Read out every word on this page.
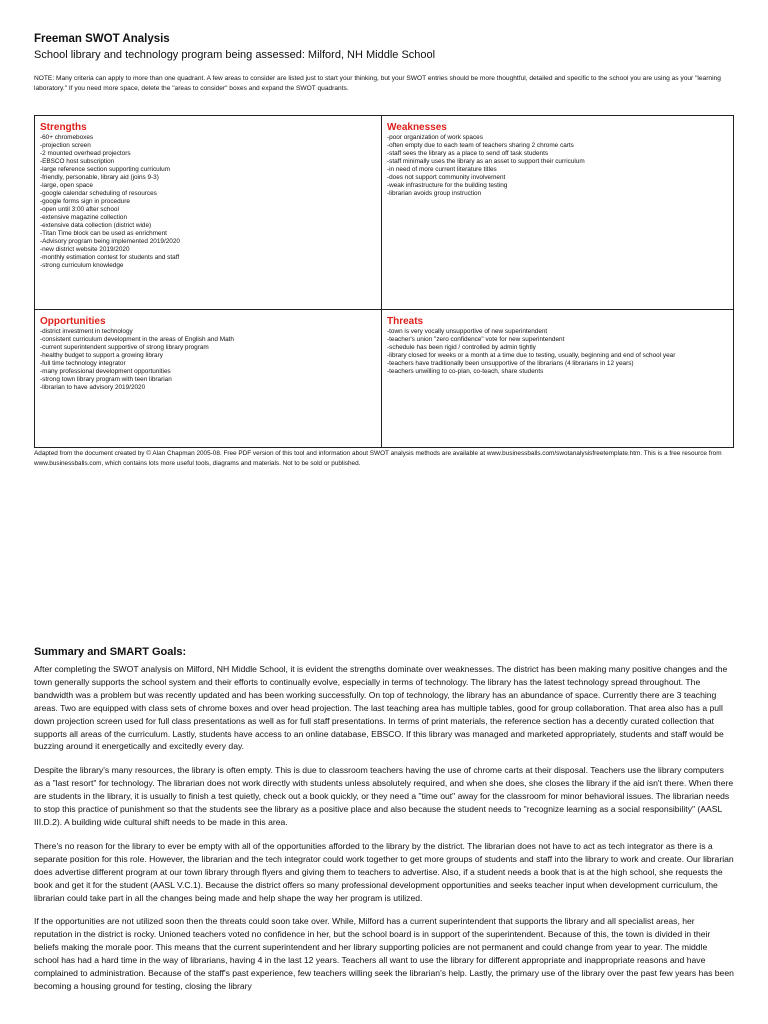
Freeman SWOT Analysis

School library and technology program being assessed: Milford, NH Middle School

NOTE: Many criteria can apply to more than one quadrant. A few areas to consider are listed just to start your thinking, but your SWOT entries should be more thoughtful, detailed and specific to the school you are using as your "learning laboratory." If you need more space, delete the "areas to consider" boxes and expand the SWOT quadrants.

Strengths
-60+ chromeboxes
-projection screen
-2 mounted overhead projectors
-EBSCO host subscription
-large reference section supporting curriculum
-friendly, personable, library aid (joins 9-3)
-large, open space
-google calendar scheduling of resources
-google forms sign in procedure
-open until 3:00 after school
-extensive magazine collection
-extensive data collection (district wide)
-Titan Time block can be used as enrichment
-Advisory program being implemented 2019/2020
-new district website 2019/2020
-monthly estimation contest for students and staff
-strong curriculum knowledge
Weaknesses
-poor organization of work spaces
-often empty due to each team of teachers sharing 2 chrome carts
-staff sees the library as a place to send off task students
-staff minimally uses the library as an asset to support their curriculum
-in need of more current literature titles
-does not support community involvement
-weak infrastructure for the building testing
-librarian avoids group instruction
Opportunities
-district investment in technology
-consistent curriculum development in the areas of English and Math
-current superintendent supportive of strong library program
-healthy budget to support a growing library
-full time technology integrator
-many professional development opportunities
-strong town library program with teen librarian
-librarian to have advisory 2019/2020
Threats
-town is very vocally unsupportive of new superintendent
-teacher's union "zero confidence" vote for new superintendent
-schedule has been rigid / controlled by admin tightly
-library closed for weeks or a month at a time due to testing, usually, beginning and end of school year
-teachers have traditionally been unsupportive of the librarians (4 librarians in 12 years)
-teachers unwilling to co-plan, co-teach, share students
Adapted from the document created by © Alan Chapman 2005-08. Free PDF version of this tool and information about SWOT analysis methods are available at www.businessballs.com/swotanalysisfreetemplate.htm. This is a free resource from www.businessballs.com, which contains lots more useful tools, diagrams and materials. Not to be sold or published.
Summary and SMART Goals:

After completing the SWOT analysis on Milford, NH Middle School, it is evident the strengths dominate over weaknesses. The district has been making many positive changes and the town generally supports the school system and their efforts to continually evolve, especially in terms of technology. The library has the latest technology spread throughout. The bandwidth was a problem but was recently updated and has been working successfully. On top of technology, the library has an abundance of space. Currently there are 3 teaching areas. Two are equipped with class sets of chrome boxes and over head projection. The last teaching area has multiple tables, good for group collaboration. That area also has a pull down projection screen used for full class presentations as well as for full staff presentations. In terms of print materials, the reference section has a decently curated collection that supports all areas of the curriculum. Lastly, students have access to an online database, EBSCO. If this library was managed and marketed appropriately, students and staff would be buzzing around it energetically and excitedly every day.

Despite the library's many resources, the library is often empty. This is due to classroom teachers having the use of chrome carts at their disposal. Teachers use the library computers as a "last resort" for technology. The librarian does not work directly with students unless absolutely required, and when she does, she closes the library if the aid isn't there. When there are students in the library, it is usually to finish a test quietly, check out a book quickly, or they need a "time out" away for the classroom for minor behavioral issues. The librarian needs to stop this practice of punishment so that the students see the library as a positive place and also because the student needs to "recognize learning as a social responsibility" (AASL III.D.2). A building wide cultural shift needs to be made in this area.

There's no reason for the library to ever be empty with all of the opportunities afforded to the library by the district. The librarian does not have to act as tech integrator as there is a separate position for this role. However, the librarian and the tech integrator could work together to get more groups of students and staff into the library to work and create. Our librarian does advertise different program at our town library through flyers and giving them to teachers to advertise. Also, if a student needs a book that is at the high school, she requests the book and get it for the student (AASL V.C.1). Because the district offers so many professional development opportunities and seeks teacher input when development curriculum, the librarian could take part in all the changes being made and help shape the way her program is utilized.

If the opportunities are not utilized soon then the threats could soon take over. While, Milford has a current superintendent that supports the library and all specialist areas, her reputation in the district is rocky. Unioned teachers voted no confidence in her, but the school board is in support of the superintendent. Because of this, the town is divided in their beliefs making the morale poor. This means that the current superintendent and her library supporting policies are not permanent and could change from year to year. The middle school has had a hard time in the way of librarians, having 4 in the last 12 years. Teachers all want to use the library for different appropriate and inappropriate reasons and have complained to administration. Because of the staff's past experience, few teachers willing seek the librarian's help. Lastly, the primary use of the library over the past few years has been becoming a housing ground for testing, closing the library
